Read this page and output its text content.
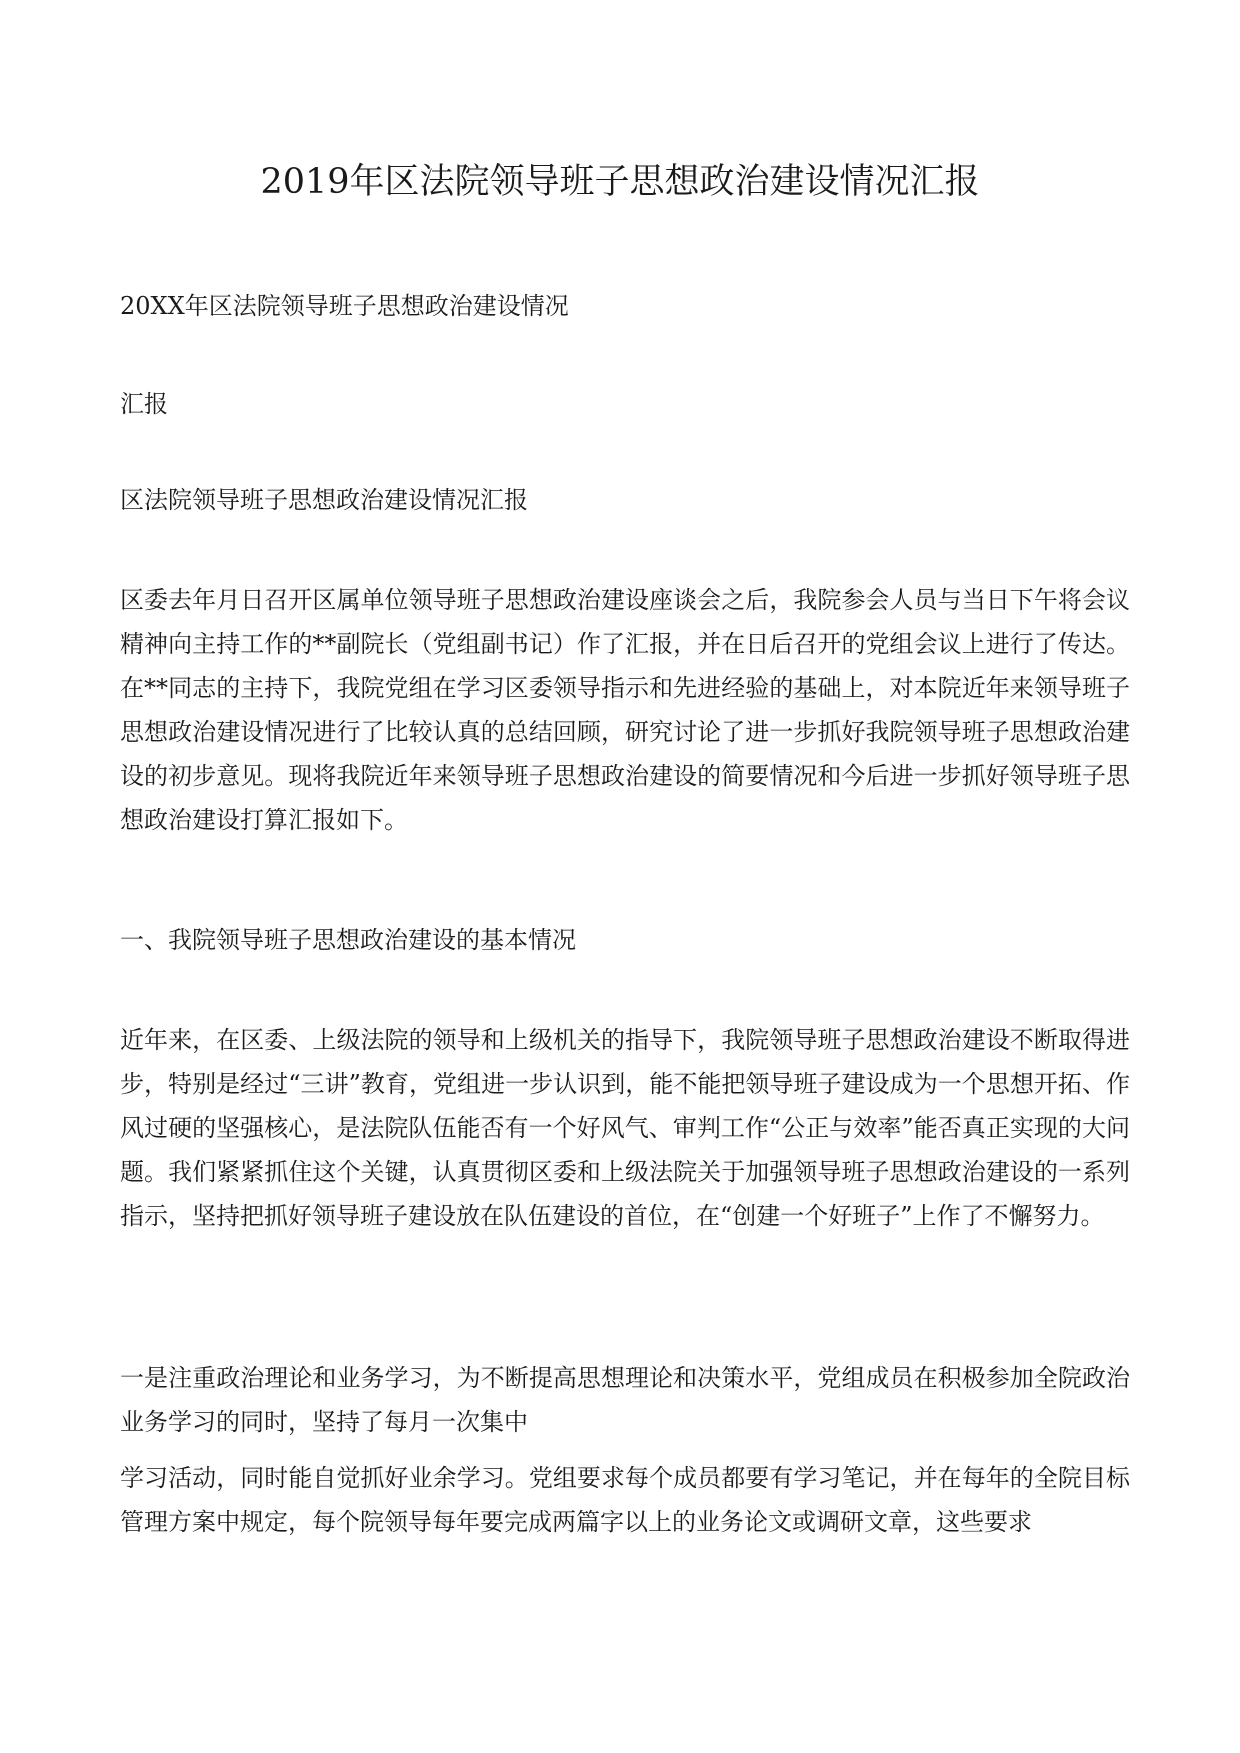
2019年区法院领导班子思想政治建设情况汇报

20XX年区法院领导班子思想政治建设情况

汇报

区法院领导班子思想政治建设情况汇报

区委去年月日召开区属单位领导班子思想政治建设座谈会之后，我院参会人员与当日下午将会议精神向主持工作的**副院长（党组副书记）作了汇报，并在日后召开的党组会议上进行了传达。在**同志的主持下，我院党组在学习区委领导指示和先进经验的基础上，对本院近年来领导班子思想政治建设情况进行了比较认真的总结回顾，研究讨论了进一步抓好我院领导班子思想政治建设的初步意见。现将我院近年来领导班子思想政治建设的简要情况和今后进一步抓好领导班子思想政治建设打算汇报如下。

一、我院领导班子思想政治建设的基本情况

近年来，在区委、上级法院的领导和上级机关的指导下，我院领导班子思想政治建设不断取得进步，特别是经过“三讲”教育，党组进一步认识到，能不能把领导班子建设成为一个思想开拓、作风过硬的坚强核心，是法院队伍能否有一个好风气、审判工作“公正与效率”能否真正实现的大问题。我们紧紧抓住这个关键，认真贯彻区委和上级法院关于加强领导班子思想政治建设的一系列指示，坚持把抓好领导班子建设放在队伍建设的首位，在“创建一个好班子”上作了不懈努力。

一是注重政治理论和业务学习，为不断提高思想理论和决策水平，党组成员在积极参加全院政治业务学习的同时，坚持了每月一次集中

学习活动，同时能自觉抓好业余学习。党组要求每个成员都要有学习笔记，并在每年的全院目标管理方案中规定，每个院领导每年要完成两篇字以上的业务论文或调研文章，这些要求
